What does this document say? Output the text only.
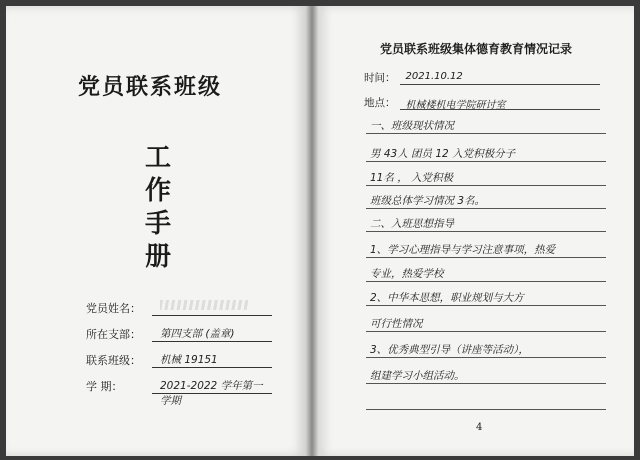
党员联系班级
工
作
手
册
党员姓名：
所在支部：	第四支部 (盖章)
联系班级：	机械 19151
学 期：	2021-2022 学年第一学期
党员联系班级集体德育教育情况记录
时间：	2021.10.12
地点：	机械楼机电学院研讨室
一、班级现状情况
男 43人 团员 12 入党积极分子
11名 ， 入党积极
班级总体学习情况 3名。
二、入班思想指导
1、学习心理指导与学习注意事项，热爱
专业，热爱学校
2、中华本思想，职业规划与大方
可行性情况
3、优秀典型引导（讲座等活动），
组建学习小组活动。
4
